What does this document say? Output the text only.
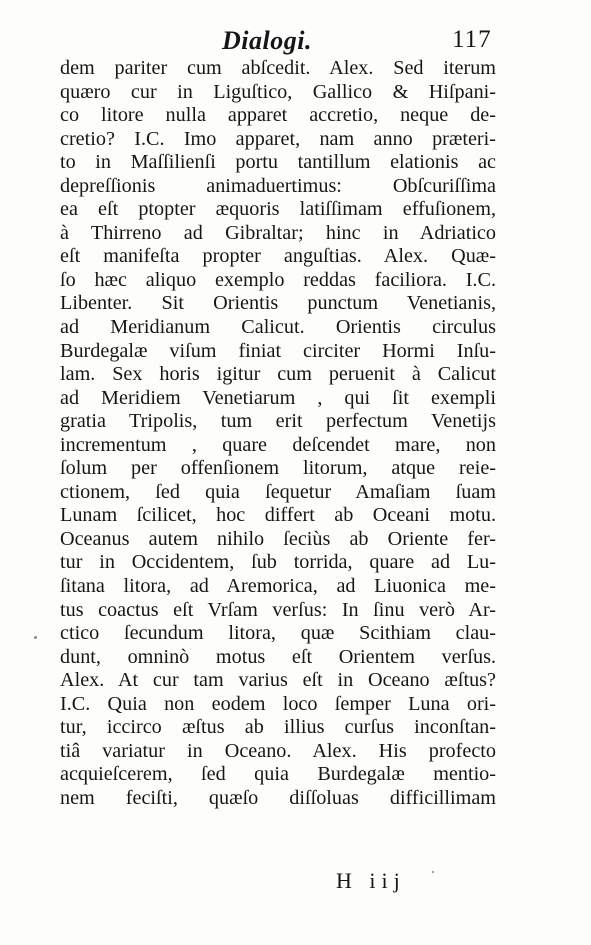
Dialogi.	117
dem pariter cum abſcedit. Alex. Sed iterum
quæro cur in Liguſtico, Gallico & Hiſpani-
co litore nulla apparet accretio, neque de-
cretio? I.C. Imo apparet, nam anno præteri-
to in Maſſilienſi portu tantillum elationis ac
depreſſionis animaduertimus: Obſcuriſſima
ea eſt ptopter æquoris latiſſimam effuſionem,
à Thirreno ad Gibraltar; hinc in Adriatico
eſt manifeſta propter anguſtias. Alex. Quæ-
ſo hæc aliquo exemplo reddas faciliora. I.C.
Libenter. Sit Orientis punctum Venetianis,
ad Meridianum Calicut. Orientis circulus
Burdegalæ viſum finiat circiter Hormi Inſu-
lam. Sex horis igitur cum peruenit à Calicut
ad Meridiem Venetiarum , qui ſit exempli
gratia Tripolis, tum erit perfectum Venetijs
incrementum , quare deſcendet mare, non
ſolum per offenſionem litorum, atque reie-
ctionem, ſed quia ſequetur Amaſiam ſuam
Lunam ſcilicet, hoc differt ab Oceani motu.
Oceanus autem nihilo ſeciùs ab Oriente fer-
tur in Occidentem, ſub torrida, quare ad Lu-
ſitana litora, ad Aremorica, ad Liuonica me-
tus coactus eſt Vrſam verſus: In ſinu verò Ar-
ctico ſecundum litora, quæ Scithiam clau-
dunt, omninò motus eſt Orientem verſus.
Alex. At cur tam varius eſt in Oceano æſtus?
I.C. Quia non eodem loco ſemper Luna ori-
tur, iccirco æſtus ab illius curſus inconſtan-
tiâ variatur in Oceano. Alex. His profecto
acquieſcerem, ſed quia Burdegalæ mentio-
nem feciſti, quæſo diſſoluas difficillimam
H iij
